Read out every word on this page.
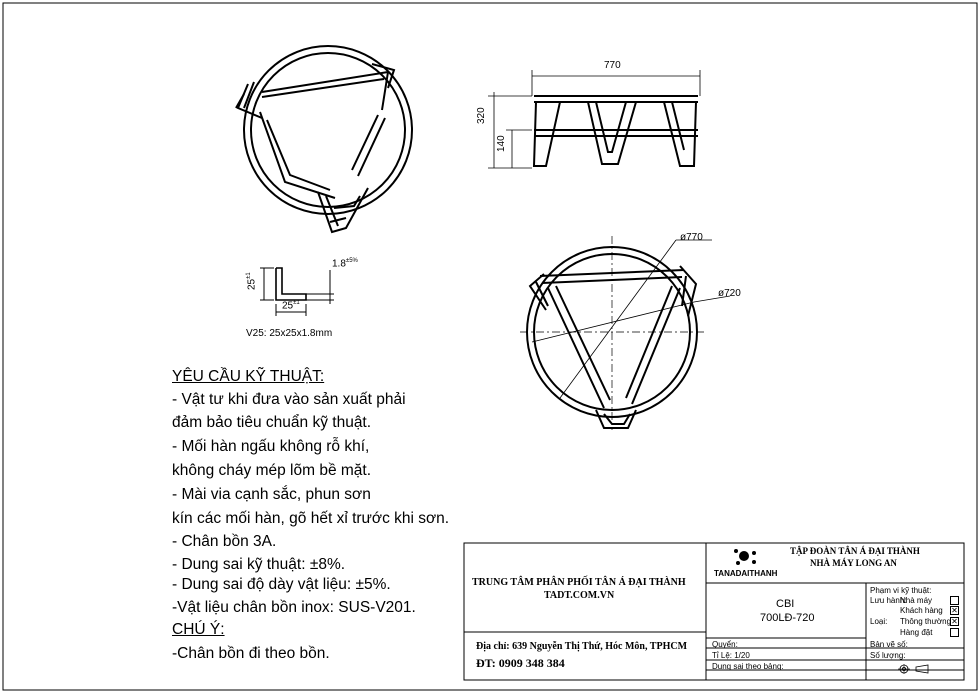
770
320
140
ø770
ø720
$25^{\pm 1}$
$1.8^{\pm 5\%}$
$25^{\pm 1}$
V25: 25x25x1.8mm
YÊU CẦU KỸ THUẬT:
- Vật tư khi đưa vào sản xuất phải
đảm bảo tiêu chuẩn kỹ thuật.
- Mối hàn ngấu không rỗ khí,
không cháy mép lõm bề mặt.
- Mài via cạnh sắc, phun sơn
kín các mối hàn, gõ hết xỉ trước khi sơn.
- Chân bồn 3A.
- Dung sai kỹ thuật: ±8%.
- Dung sai độ dày vật liệu: ±5%.
-Vật liệu chân bồn inox: SUS-V201.
CHÚ Ý:
-Chân bồn đi theo bồn.
TRUNG TÂM PHÂN PHỐI TÂN Á ĐẠI THÀNH
TADT.COM.VN
Địa chỉ: 639 Nguyễn Thị Thứ, Hóc Môn, TPHCM
ĐT: 0909 348 384
TANADAITHANH
TẬP ĐOÀN TÂN Á ĐẠI THÀNH
NHÀ MÁY LONG AN
CBI
700LĐ-720
Phạm vi kỹ thuật:
Lưu hành:
Nhà máy
Khách hàng ✕
Loại: Thông thường ✕
Hàng đặt
Quyển:
Tỉ Lệ: 1/20
Dung sai theo bảng:
Bản vẽ số:
Số lượng:
